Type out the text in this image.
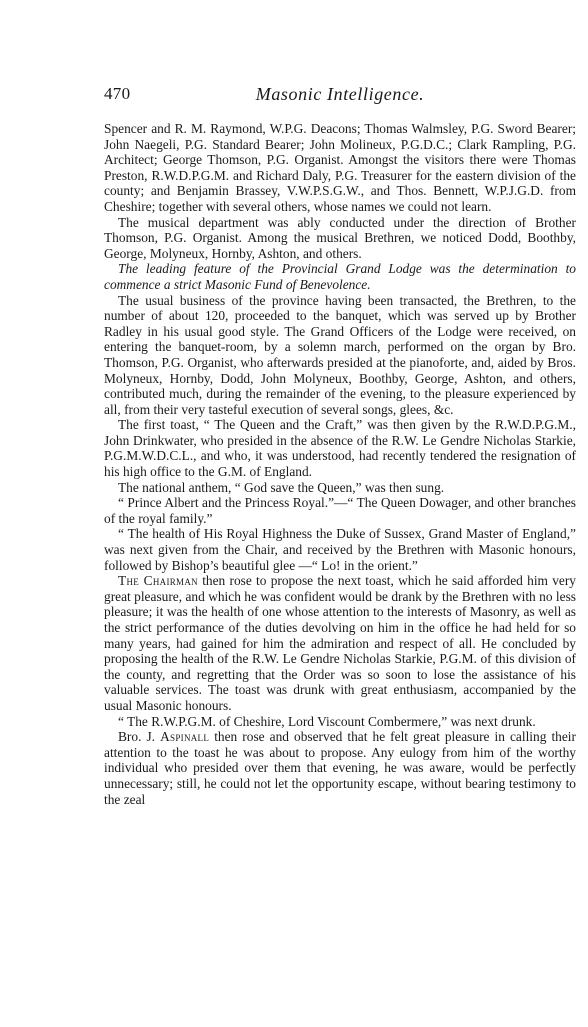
470	Masonic Intelligence.

Spencer and R. M. Raymond, W.P.G. Deacons; Thomas Walmsley, P.G. Sword Bearer; John Naegeli, P.G. Standard Bearer; John Molineux, P.G.D.C.; Clark Rampling, P.G. Architect; George Thomson, P.G. Organist. Amongst the visitors there were Thomas Preston, R.W.D.P.G.M. and Richard Daly, P.G. Treasurer for the eastern division of the county; and Benjamin Brassey, V.W.P.S.G.W., and Thos. Bennett, W.P.J.G.D. from Cheshire; together with several others, whose names we could not learn.

The musical department was ably conducted under the direction of Brother Thomson, P.G. Organist. Among the musical Brethren, we noticed Dodd, Boothby, George, Molyneux, Hornby, Ashton, and others.

The leading feature of the Provincial Grand Lodge was the determination to commence a strict Masonic Fund of Benevolence.

The usual business of the province having been transacted, the Brethren, to the number of about 120, proceeded to the banquet, which was served up by Brother Radley in his usual good style. The Grand Officers of the Lodge were received, on entering the banquet-room, by a solemn march, performed on the organ by Bro. Thomson, P.G. Organist, who afterwards presided at the pianoforte, and, aided by Bros. Molyneux, Hornby, Dodd, John Molyneux, Boothby, George, Ashton, and others, contributed much, during the remainder of the evening, to the pleasure experienced by all, from their very tasteful execution of several songs, glees, &c.

The first toast, “ The Queen and the Craft,” was then given by the R.W.D.P.G.M., John Drinkwater, who presided in the absence of the R.W. Le Gendre Nicholas Starkie, P.G.M.W.D.C.L., and who, it was understood, had recently tendered the resignation of his high office to the G.M. of England.

The national anthem, “ God save the Queen,” was then sung.

“ Prince Albert and the Princess Royal.”—“ The Queen Dowager, and other branches of the royal family.”

“ The health of His Royal Highness the Duke of Sussex, Grand Master of England,” was next given from the Chair, and received by the Brethren with Masonic honours, followed by Bishop’s beautiful glee —“ Lo! in the orient.”

The Chairman then rose to propose the next toast, which he said afforded him very great pleasure, and which he was confident would be drank by the Brethren with no less pleasure; it was the health of one whose attention to the interests of Masonry, as well as the strict performance of the duties devolving on him in the office he had held for so many years, had gained for him the admiration and respect of all. He concluded by proposing the health of the R.W. Le Gendre Nicholas Starkie, P.G.M. of this division of the county, and regretting that the Order was so soon to lose the assistance of his valuable services. The toast was drunk with great enthusiasm, accompanied by the usual Masonic honours.

“ The R.W.P.G.M. of Cheshire, Lord Viscount Combermere,” was next drunk.

Bro. J. Aspinall then rose and observed that he felt great pleasure in calling their attention to the toast he was about to propose. Any eulogy from him of the worthy individual who presided over them that evening, he was aware, would be perfectly unnecessary; still, he could not let the opportunity escape, without bearing testimony to the zeal
